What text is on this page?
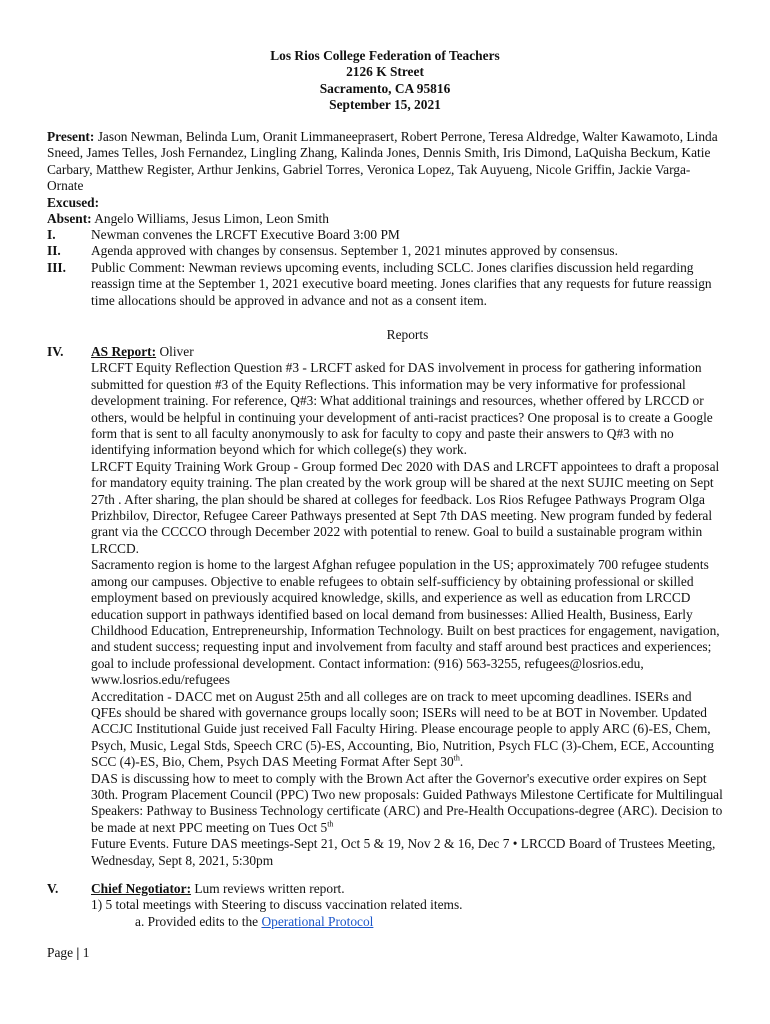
Los Rios College Federation of Teachers
2126 K Street
Sacramento, CA 95816
September 15, 2021
Present: Jason Newman, Belinda Lum, Oranit Limmaneeprasert, Robert Perrone, Teresa Aldredge, Walter Kawamoto, Linda Sneed, James Telles, Josh Fernandez, Lingling Zhang, Kalinda Jones, Dennis Smith, Iris Dimond, LaQuisha Beckum, Katie Carbary, Matthew Register, Arthur Jenkins, Gabriel Torres, Veronica Lopez, Tak Auyueng, Nicole Griffin, Jackie Varga-Ornate
Excused:
Absent: Angelo Williams, Jesus Limon, Leon Smith
I.	Newman convenes the LRCFT Executive Board 3:00 PM
II.	Agenda approved with changes by consensus. September 1, 2021 minutes approved by consensus.
III.	Public Comment: Newman reviews upcoming events, including SCLC. Jones clarifies discussion held regarding reassign time at the September 1, 2021 executive board meeting. Jones clarifies that any requests for future reassign time allocations should be approved in advance and not as a consent item.
Reports
IV.	AS Report: Oliver

LRCFT Equity Reflection Question #3 - LRCFT asked for DAS involvement in process for gathering information submitted for question #3 of the Equity Reflections. This information may be very informative for professional development training. For reference, Q#3: What additional trainings and resources, whether offered by LRCCD or others, would be helpful in continuing your development of anti-racist practices? One proposal is to create a Google form that is sent to all faculty anonymously to ask for faculty to copy and paste their answers to Q#3 with no identifying information beyond which for which college(s) they work.

LRCFT Equity Training Work Group - Group formed Dec 2020 with DAS and LRCFT appointees to draft a proposal for mandatory equity training. The plan created by the work group will be shared at the next SUJIC meeting on Sept 27th . After sharing, the plan should be shared at colleges for feedback. Los Rios Refugee Pathways Program Olga Prizhbilov, Director, Refugee Career Pathways presented at Sept 7th DAS meeting. New program funded by federal grant via the CCCCO through December 2022 with potential to renew. Goal to build a sustainable program within LRCCD.

Sacramento region is home to the largest Afghan refugee population in the US; approximately 700 refugee students among our campuses. Objective to enable refugees to obtain self-sufficiency by obtaining professional or skilled employment based on previously acquired knowledge, skills, and experience as well as education from LRCCD education support in pathways identified based on local demand from businesses: Allied Health, Business, Early Childhood Education, Entrepreneurship, Information Technology. Built on best practices for engagement, navigation, and student success; requesting input and involvement from faculty and staff around best practices and experiences; goal to include professional development. Contact information: (916) 563-3255, refugees@losrios.edu, www.losrios.edu/refugees

Accreditation - DACC met on August 25th and all colleges are on track to meet upcoming deadlines. ISERs and QFEs should be shared with governance groups locally soon; ISERs will need to be at BOT in November. Updated ACCJC Institutional Guide just received Fall Faculty Hiring. Please encourage people to apply ARC (6)-ES, Chem, Psych, Music, Legal Stds, Speech CRC (5)-ES, Accounting, Bio, Nutrition, Psych FLC (3)-Chem, ECE, Accounting SCC (4)-ES, Bio, Chem, Psych DAS Meeting Format After Sept 30th.

DAS is discussing how to meet to comply with the Brown Act after the Governor's executive order expires on Sept 30th. Program Placement Council (PPC) Two new proposals: Guided Pathways Milestone Certificate for Multilingual Speakers: Pathway to Business Technology certificate (ARC) and Pre-Health Occupations-degree (ARC). Decision to be made at next PPC meeting on Tues Oct 5th

Future Events. Future DAS meetings-Sept 21, Oct 5 & 19, Nov 2 & 16, Dec 7 • LRCCD Board of Trustees Meeting, Wednesday, Sept 8, 2021, 5:30pm

V.	Chief Negotiator: Lum reviews written report.

1) 5 total meetings with Steering to discuss vaccination related items.

a. Provided edits to the Operational Protocol

Page | 1
